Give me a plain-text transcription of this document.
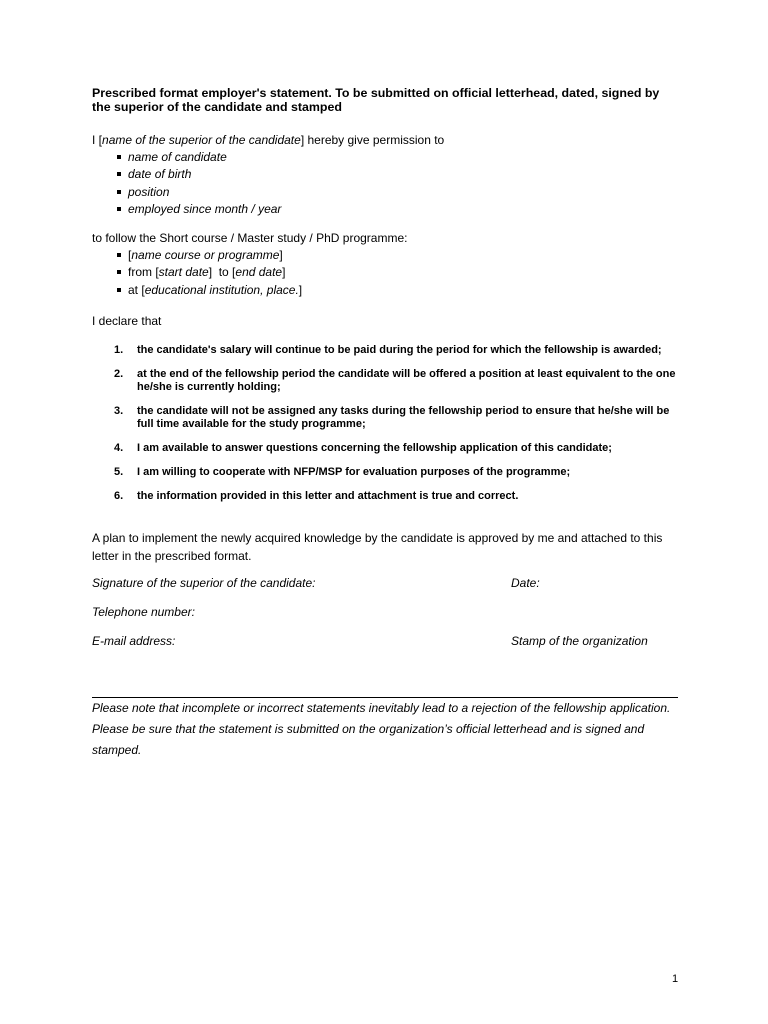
Prescribed format employer's statement. To be submitted on official letterhead, dated, signed by the superior of the candidate and stamped

I [name of the superior of the candidate] hereby give permission to

name of candidate
date of birth
position
employed since month / year

to follow the Short course / Master study / PhD programme:

[name course or programme]
from [start date]  to [end date]
at [educational institution, place.]

I declare that

1. the candidate's salary will continue to be paid during the period for which the fellowship is awarded;
2. at the end of the fellowship period the candidate will be offered a position at least equivalent to the one he/she is currently holding;
3. the candidate will not be assigned any tasks during the fellowship period to ensure that he/she will be full time available for the study programme;
4. I am available to answer questions concerning the fellowship application of this candidate;
5. I am willing to cooperate with NFP/MSP for evaluation purposes of the programme;
6. the information provided in this letter and attachment is true and correct.

A plan to implement the newly acquired knowledge by the candidate is approved by me and attached to this letter in the prescribed format.

Signature of the superior of the candidate:	Date:
Telephone number:
E-mail address:	Stamp of the organization

Please note that incomplete or incorrect statements inevitably lead to a rejection of the fellowship application. Please be sure that the statement is submitted on the organization’s official letterhead and is signed and stamped.

1
